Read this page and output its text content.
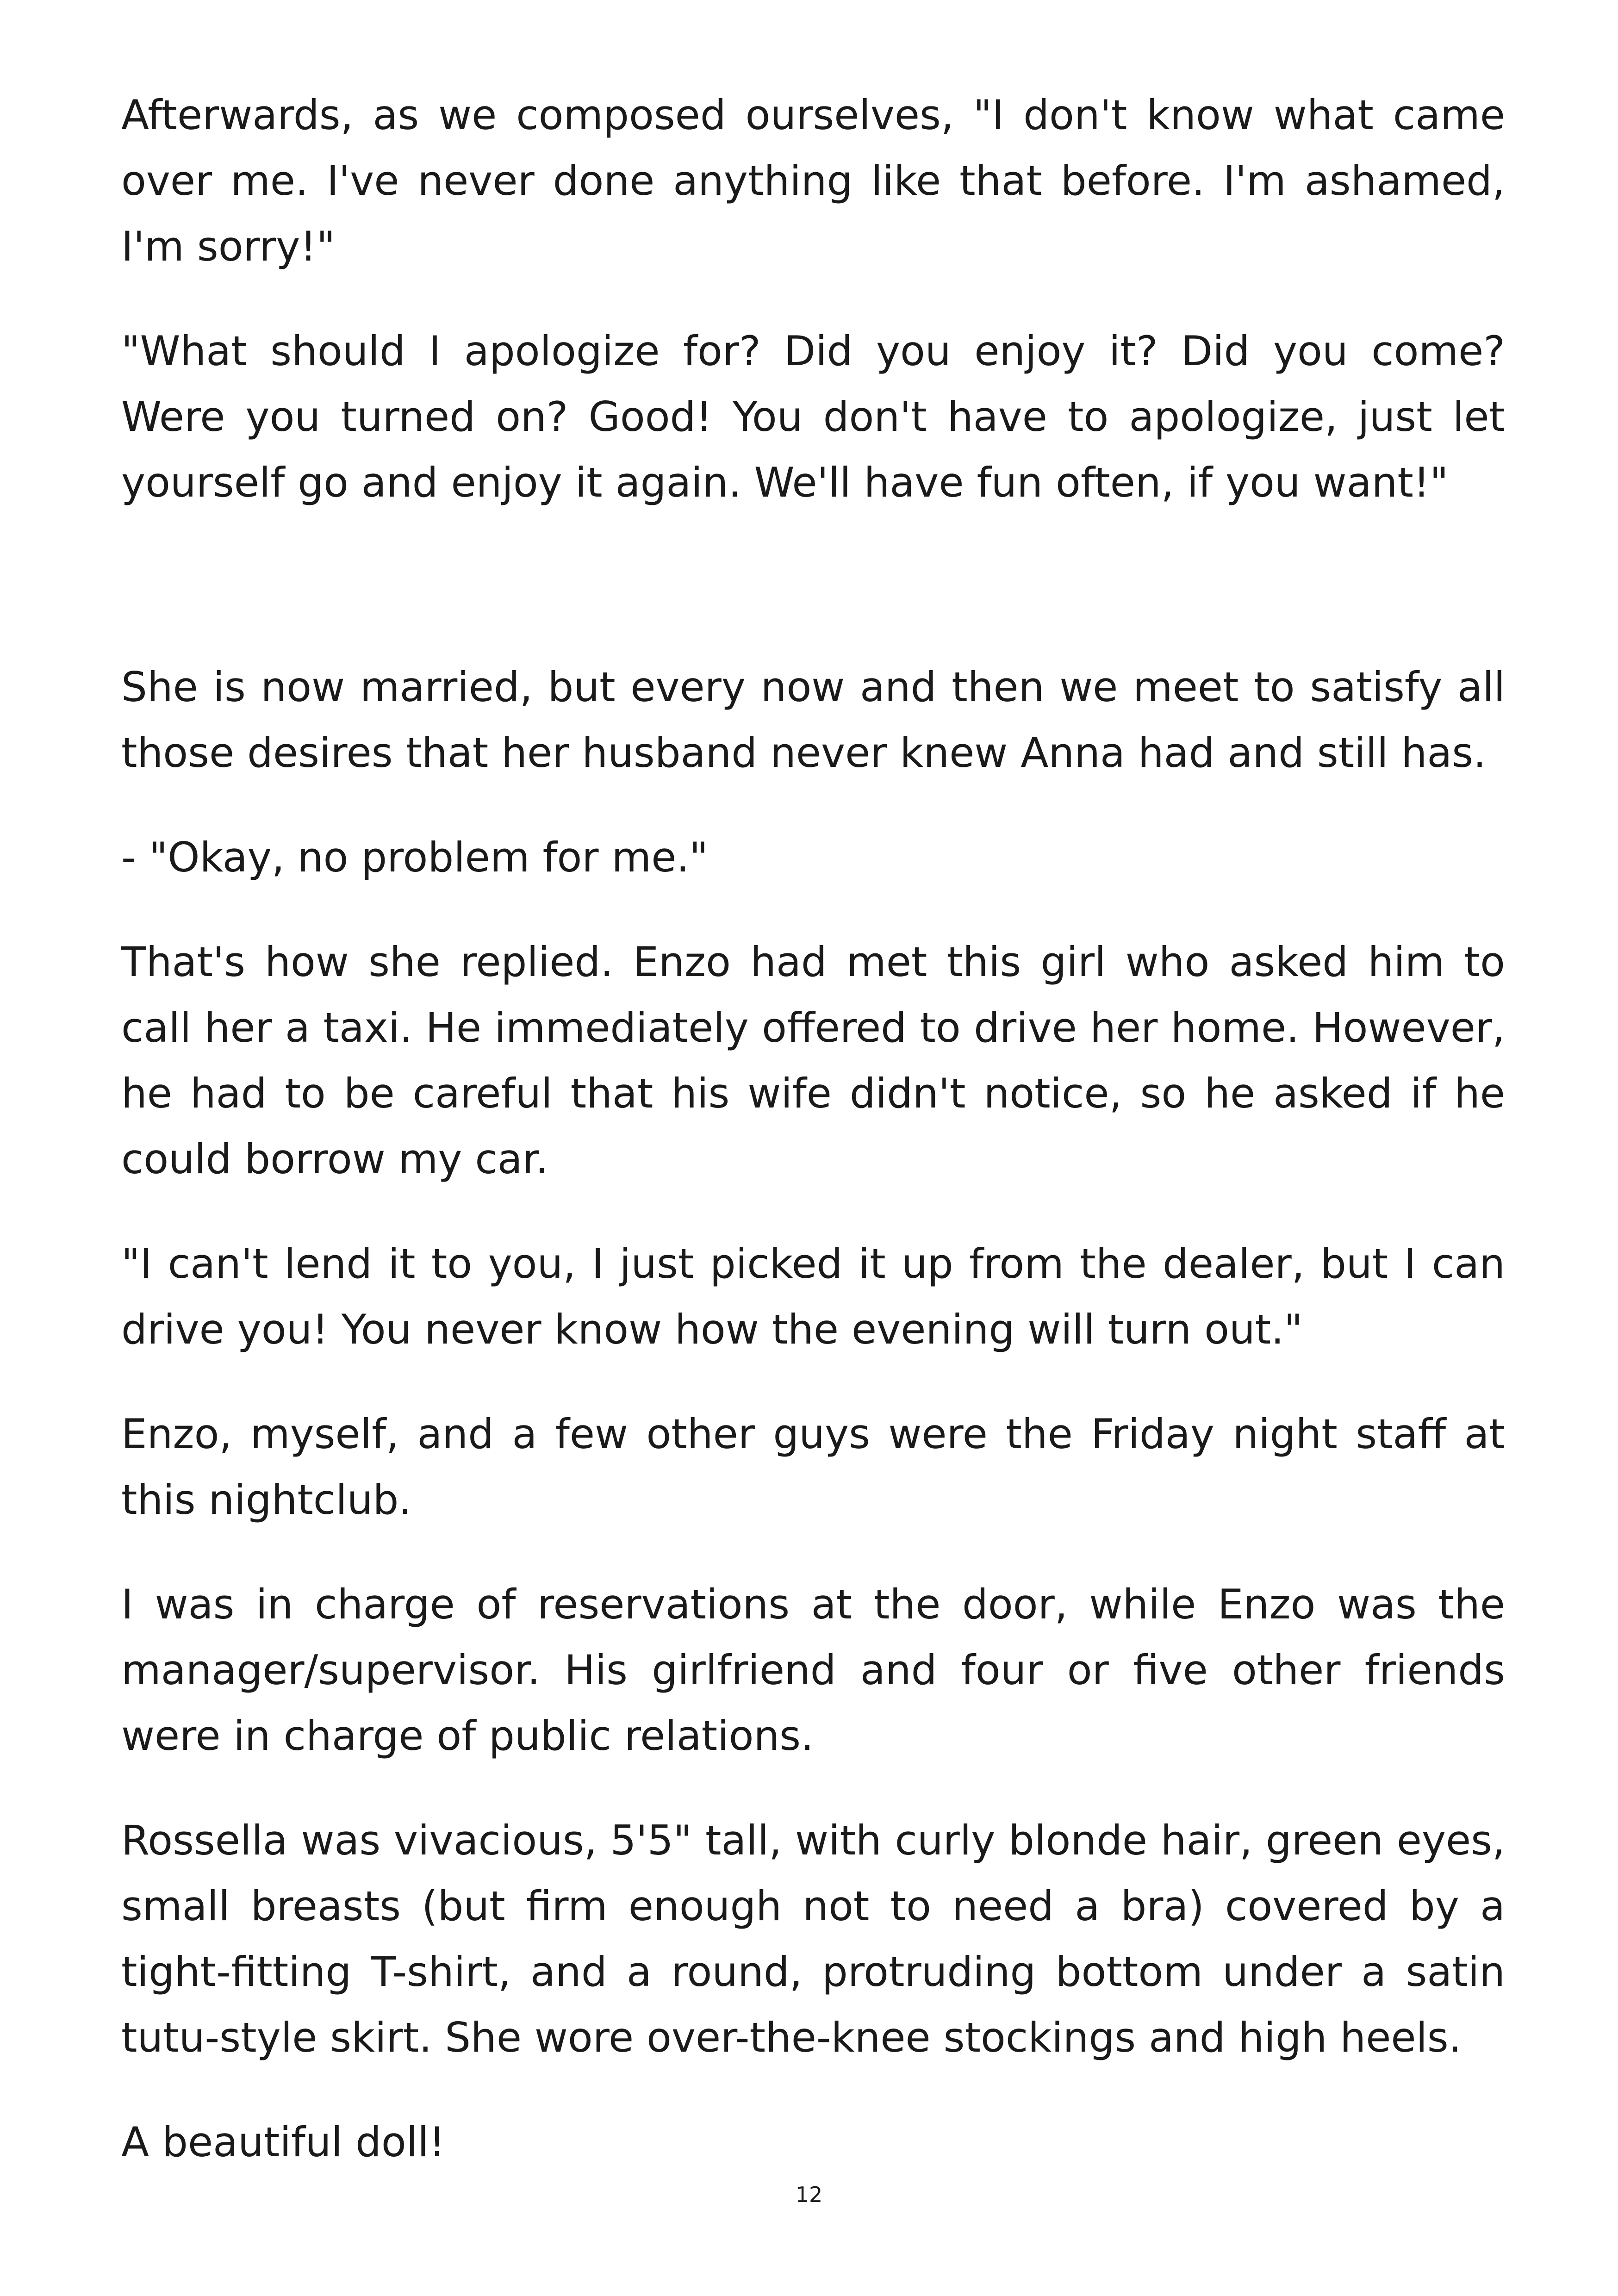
Afterwards, as we composed ourselves, "I don't know what came over me. I've never done anything like that before. I'm ashamed, I'm sorry!"

"What should I apologize for? Did you enjoy it? Did you come? Were you turned on? Good! You don't have to apologize, just let yourself go and enjoy it again. We'll have fun often, if you want!"

She is now married, but every now and then we meet to satisfy all those desires that her husband never knew Anna had and still has.

- "Okay, no problem for me."

That's how she replied. Enzo had met this girl who asked him to call her a taxi. He immediately offered to drive her home. However, he had to be careful that his wife didn't notice, so he asked if he could borrow my car.

"I can't lend it to you, I just picked it up from the dealer, but I can drive you! You never know how the evening will turn out."

Enzo, myself, and a few other guys were the Friday night staff at this nightclub.

I was in charge of reservations at the door, while Enzo was the manager/supervisor. His girlfriend and four or five other friends were in charge of public relations.

Rossella was vivacious, 5'5" tall, with curly blonde hair, green eyes, small breasts (but firm enough not to need a bra) covered by a tight-fitting T-shirt, and a round, protruding bottom under a satin tutu-style skirt. She wore over-the-knee stockings and high heels.

A beautiful doll!

12
